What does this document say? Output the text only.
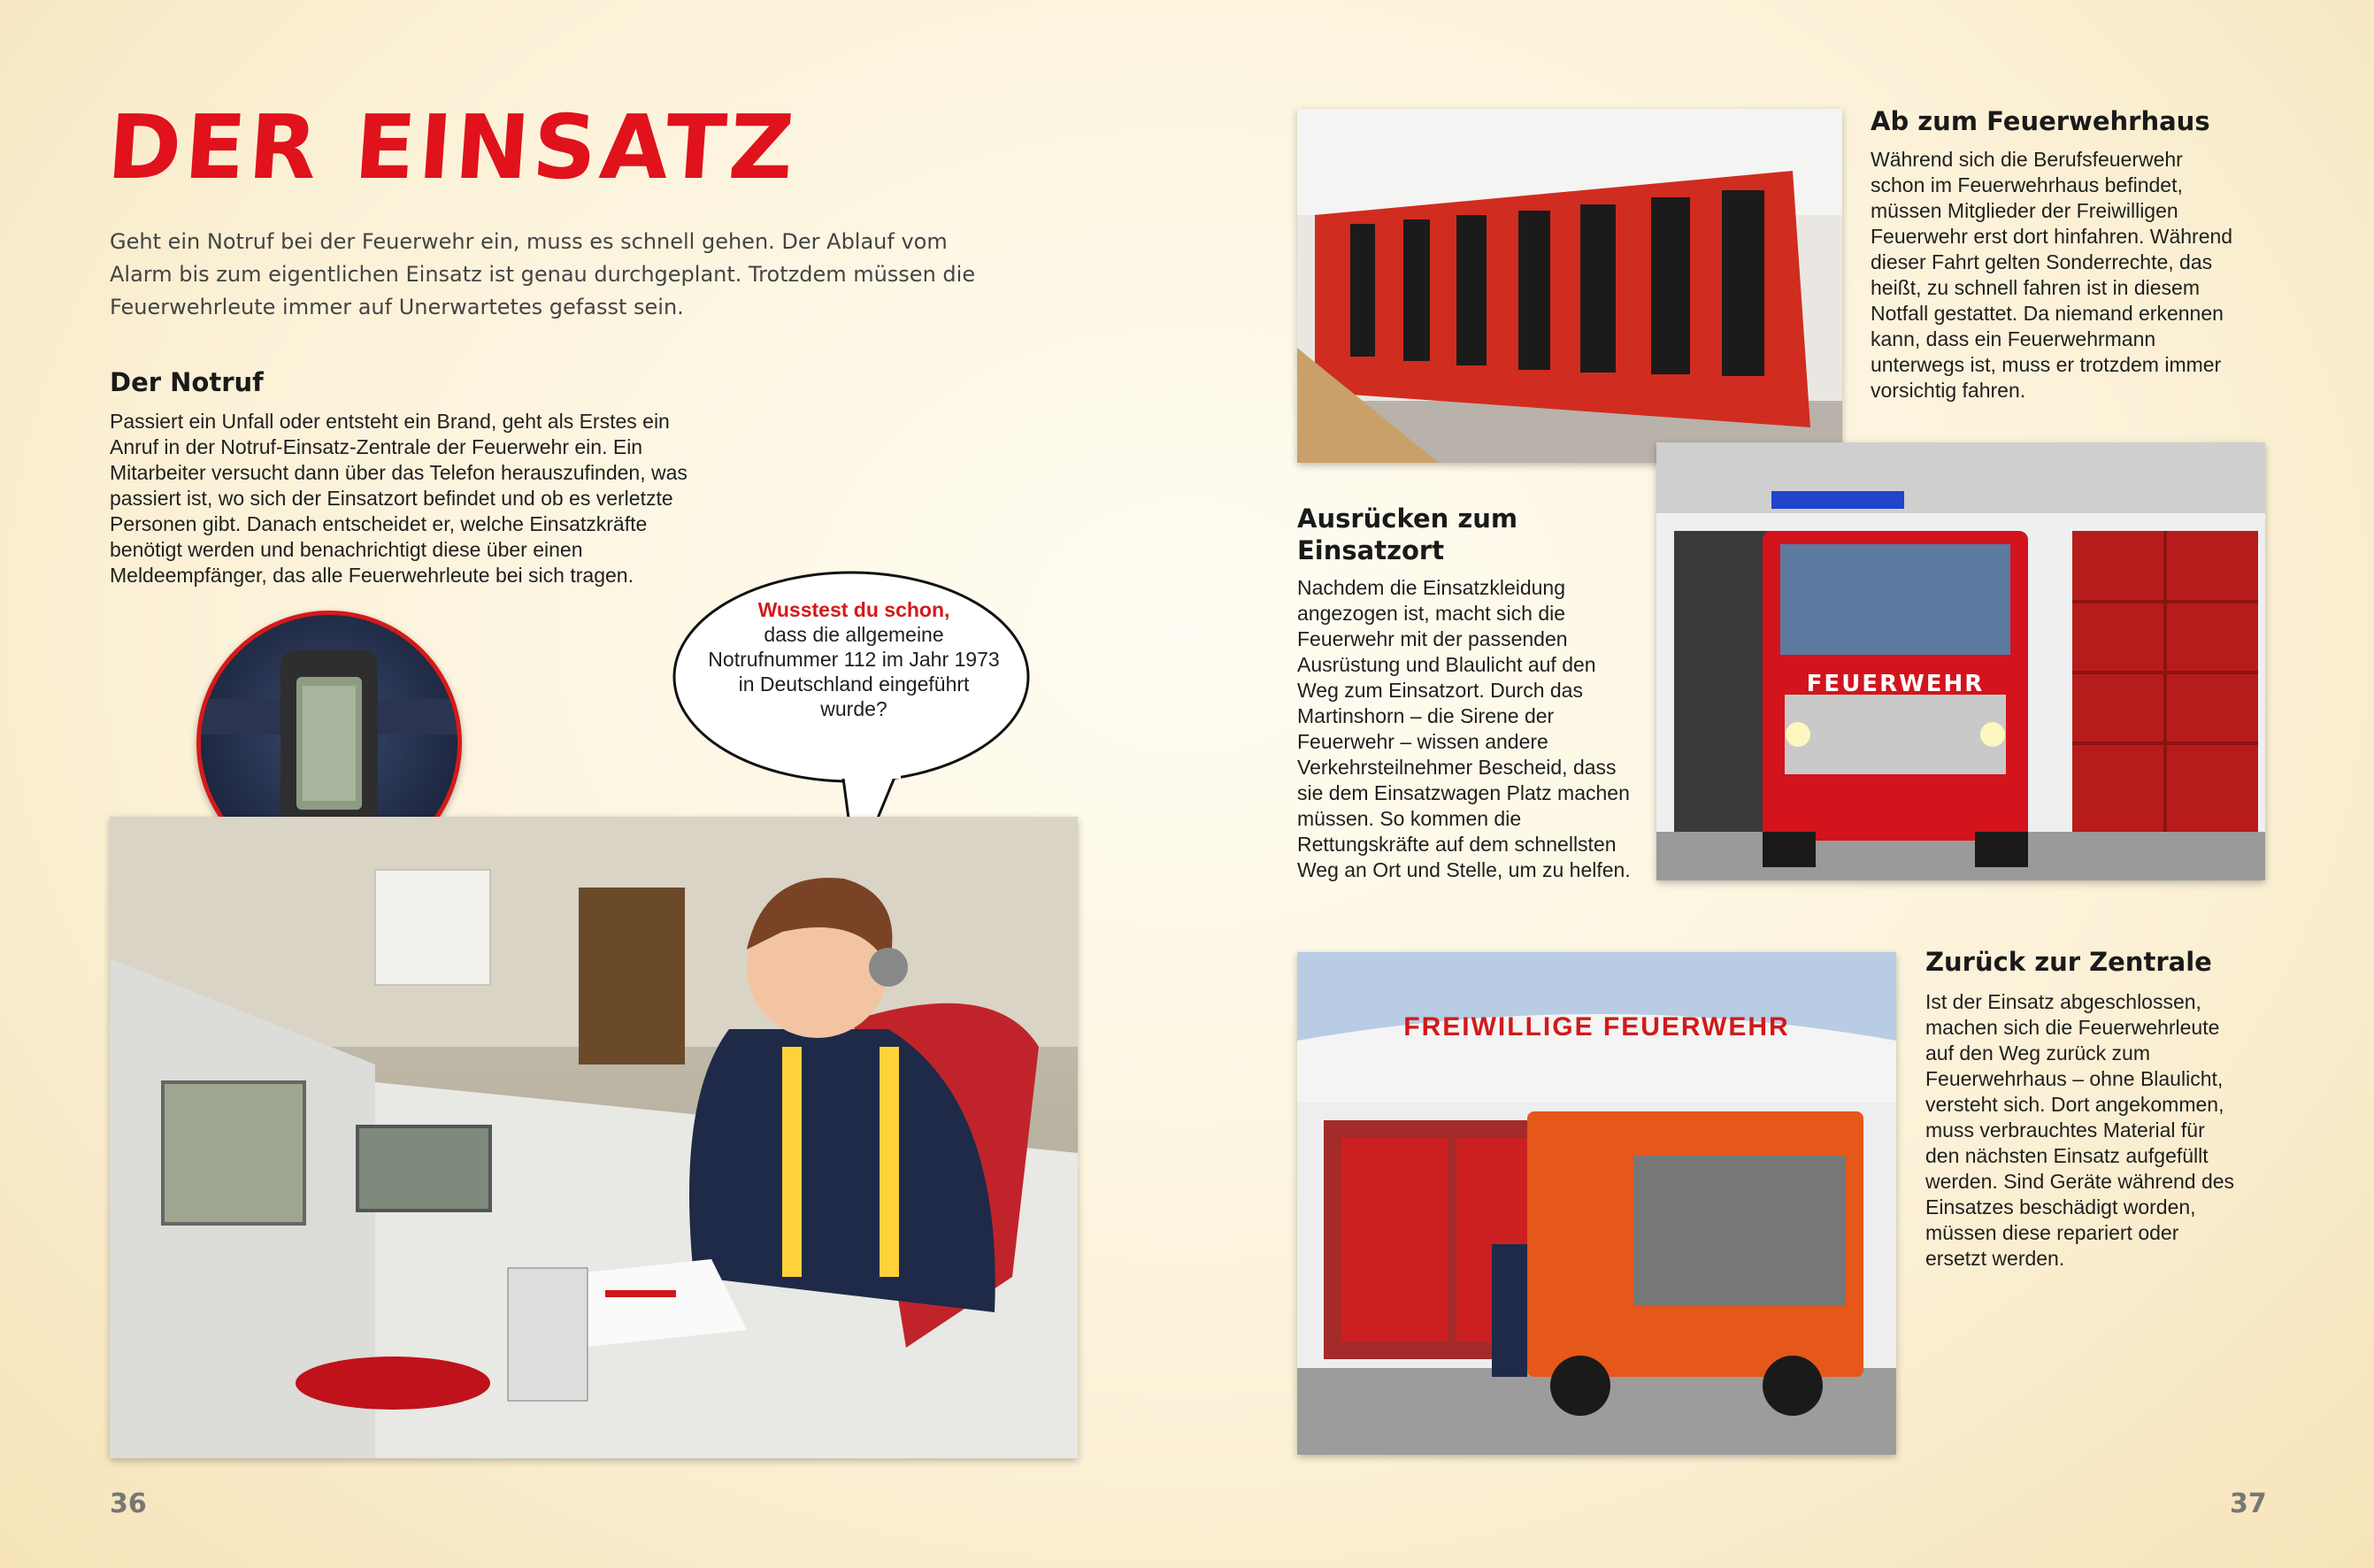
DER EINSATZ

Geht ein Notruf bei der Feuerwehr ein, muss es schnell gehen. Der Ablauf vom Alarm bis zum eigentlichen Einsatz ist genau durchgeplant. Trotzdem müssen die Feuerwehrleute immer auf Unerwartetes gefasst sein.

Der Notruf

Passiert ein Unfall oder entsteht ein Brand, geht als Erstes ein Anruf in der Notruf-Einsatz-Zentrale der Feuerwehr ein. Ein Mitarbeiter versucht dann über das Telefon herauszufinden, was passiert ist, wo sich der Einsatzort befindet und ob es verletzte Personen gibt. Danach entscheidet er, welche Einsatzkräfte benötigt werden und benachrichtigt diese über einen Meldeempfänger, das alle Feuerwehrleute bei sich tragen.

Wusstest du schon,
dass die allgemeine Notrufnummer 112 im Jahr 1973 in Deutschland eingeführt wurde?
36
Ab zum Feuerwehrhaus

Während sich die Berufsfeuerwehr schon im Feuerwehrhaus befindet, müssen Mitglieder der Freiwilligen Feuerwehr erst dort hinfahren. Während dieser Fahrt gelten Sonderrechte, das heißt, zu schnell fahren ist in diesem Notfall gestattet. Da niemand erkennen kann, dass ein Feuerwehrmann unterwegs ist, muss er trotzdem immer vorsichtig fahren.

FEUERWEHR
Ausrücken zum Einsatzort

Nachdem die Einsatzkleidung angezogen ist, macht sich die Feuerwehr mit der passenden Ausrüstung und Blaulicht auf den Weg zum Einsatzort. Durch das Martinshorn – die Sirene der Feuerwehr – wissen andere Verkehrsteilnehmer Bescheid, dass sie dem Einsatzwagen Platz machen müssen. So kommen die Rettungskräfte auf dem schnellsten Weg an Ort und Stelle, um zu helfen.

FREIWILLIGE FEUERWEHR
Zurück zur Zentrale

Ist der Einsatz abgeschlossen, machen sich die Feuerwehrleute auf den Weg zurück zum Feuerwehrhaus – ohne Blaulicht, versteht sich. Dort angekommen, muss verbrauchtes Material für den nächsten Einsatz aufgefüllt werden. Sind Geräte während des Einsatzes beschädigt worden, müssen diese repariert oder ersetzt werden.

37
